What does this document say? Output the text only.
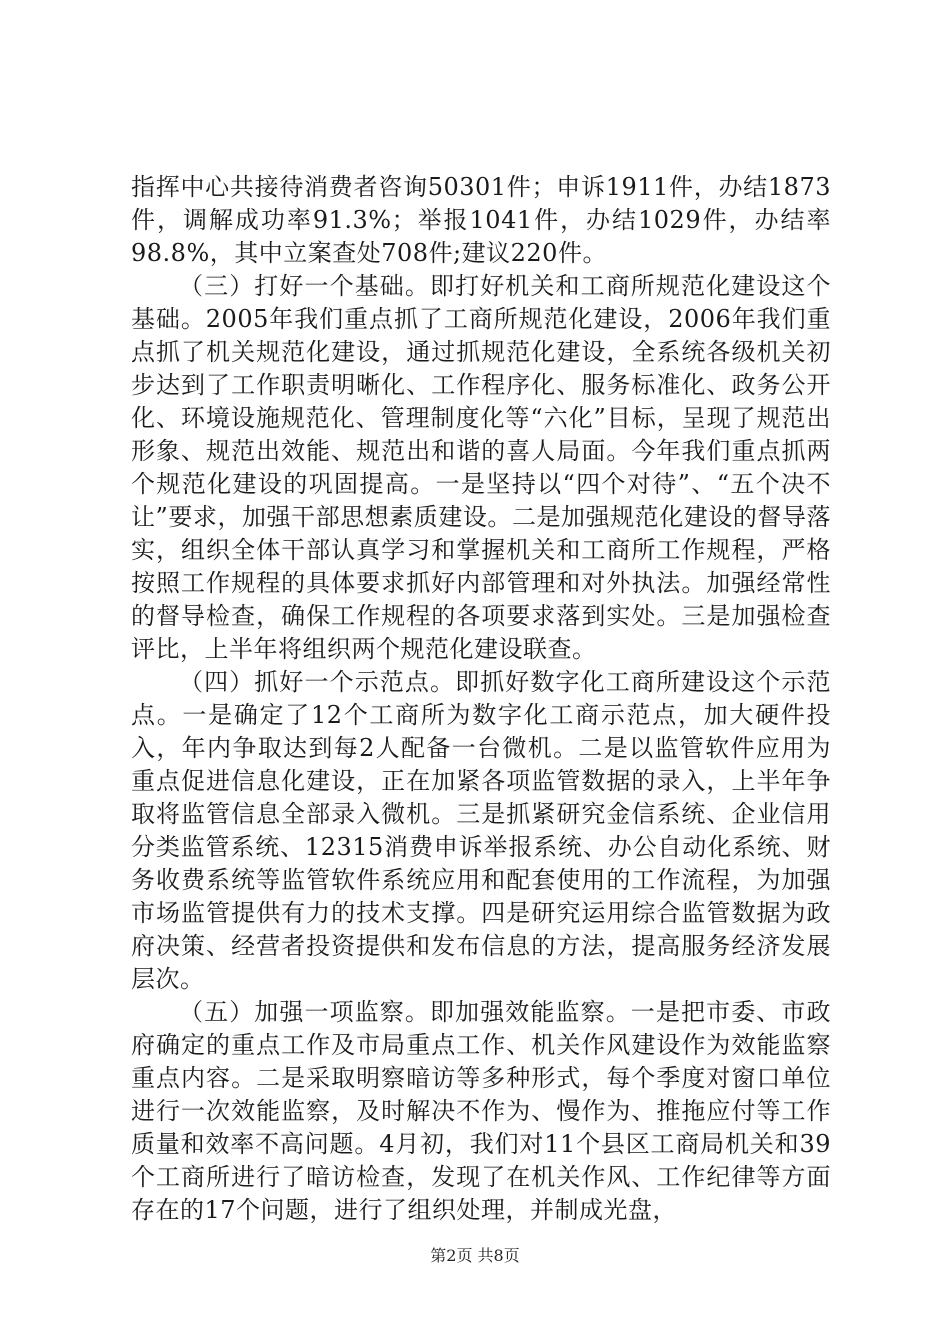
指挥中心共接待消费者咨询50301件；申诉1911件，办结1873件，调解成功率91.3%；举报1041件，办结1029件，办结率98.8%，其中立案查处708件;建议220件。

（三）打好一个基础。即打好机关和工商所规范化建设这个基础。2005年我们重点抓了工商所规范化建设，2006年我们重点抓了机关规范化建设，通过抓规范化建设，全系统各级机关初步达到了工作职责明晰化、工作程序化、服务标准化、政务公开化、环境设施规范化、管理制度化等“六化”目标，呈现了规范出形象、规范出效能、规范出和谐的喜人局面。今年我们重点抓两个规范化建设的巩固提高。一是坚持以“四个对待”、“五个决不让”要求，加强干部思想素质建设。二是加强规范化建设的督导落实，组织全体干部认真学习和掌握机关和工商所工作规程，严格按照工作规程的具体要求抓好内部管理和对外执法。加强经常性的督导检查，确保工作规程的各项要求落到实处。三是加强检查评比，上半年将组织两个规范化建设联查。

（四）抓好一个示范点。即抓好数字化工商所建设这个示范点。一是确定了12个工商所为数字化工商示范点，加大硬件投入，年内争取达到每2人配备一台微机。二是以监管软件应用为重点促进信息化建设，正在加紧各项监管数据的录入，上半年争取将监管信息全部录入微机。三是抓紧研究金信系统、企业信用分类监管系统、12315消费申诉举报系统、办公自动化系统、财务收费系统等监管软件系统应用和配套使用的工作流程，为加强市场监管提供有力的技术支撑。四是研究运用综合监管数据为政府决策、经营者投资提供和发布信息的方法，提高服务经济发展层次。

（五）加强一项监察。即加强效能监察。一是把市委、市政府确定的重点工作及市局重点工作、机关作风建设作为效能监察重点内容。二是采取明察暗访等多种形式，每个季度对窗口单位进行一次效能监察，及时解决不作为、慢作为、推拖应付等工作质量和效率不高问题。4月初，我们对11个县区工商局机关和39个工商所进行了暗访检查，发现了在机关作风、工作纪律等方面存在的17个问题，进行了组织处理，并制成光盘，

第2页 共8页
